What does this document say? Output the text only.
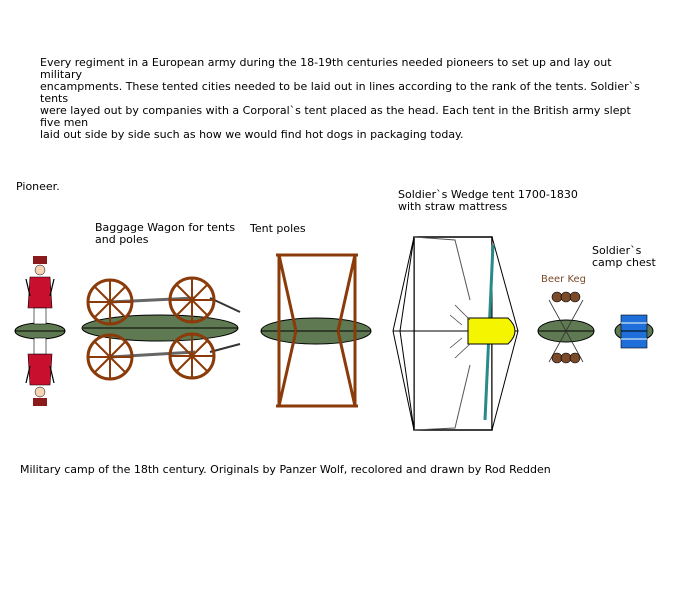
Every regiment in a European army during the 18-19th centuries needed pioneers to set up and lay out military
encampments. These tented cities needed to be laid out in lines according to the rank of the tents. Soldier`s tents
were layed out by companies with a Corporal`s tent placed as the head. Each tent in the British army slept five men
laid out side by side such as how we would find hot dogs in packaging today.
Pioneer.
Baggage Wagon for tents
and poles
Tent poles
Soldier`s Wedge tent 1700-1830
with straw mattress
Beer Keg
Soldier`s
camp chest
Military camp of the 18th century. Originals by Panzer Wolf, recolored and drawn by Rod Redden
